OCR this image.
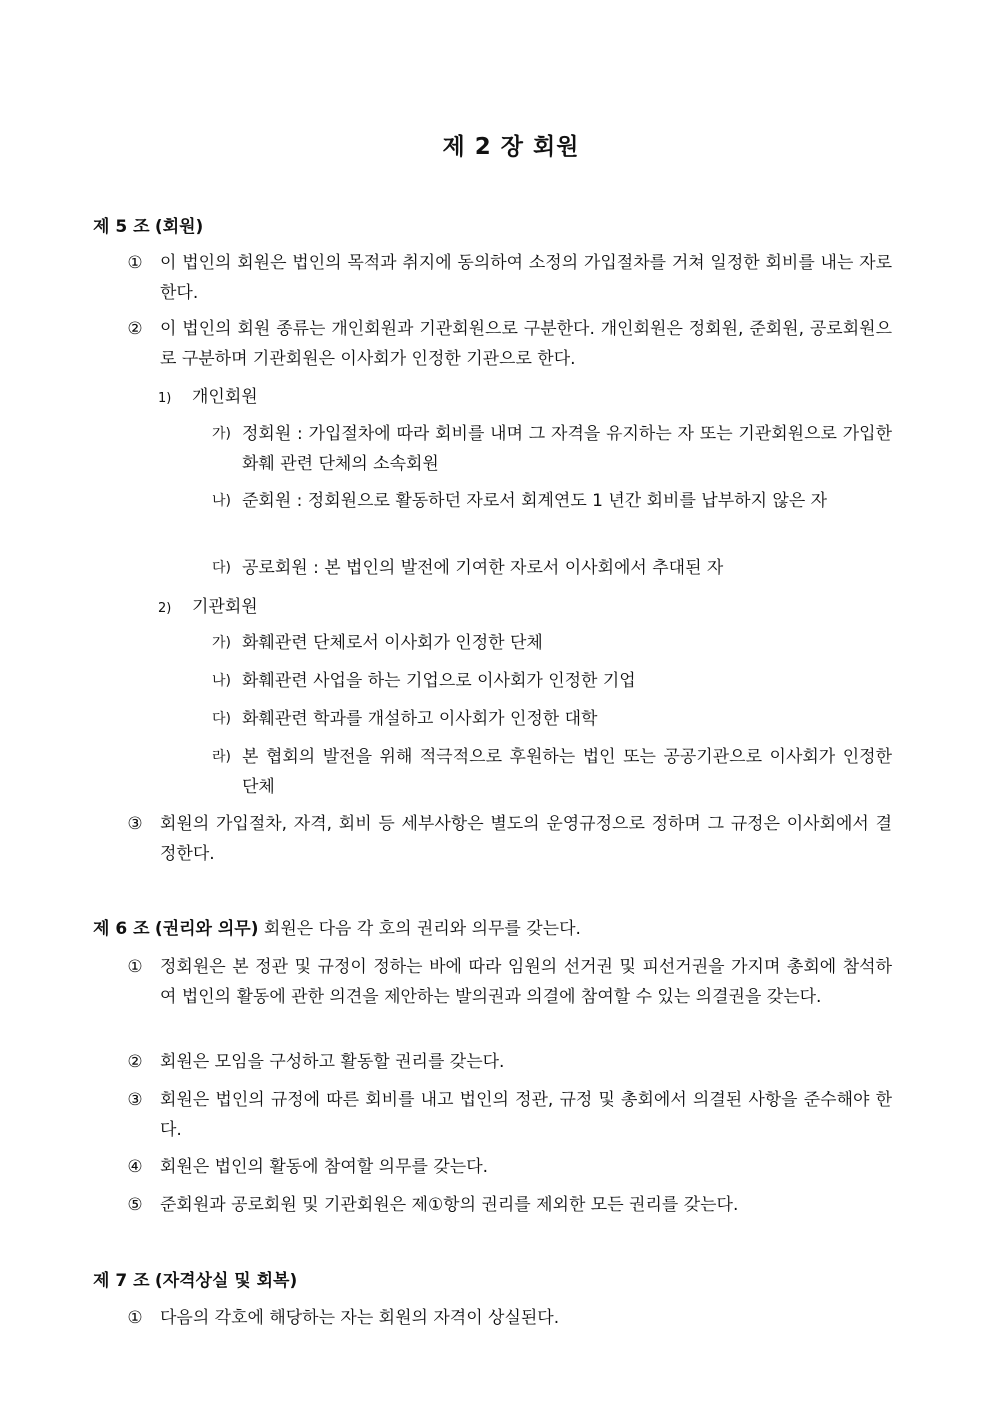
제 2 장 회원
제 5 조 (회원)
① 이 법인의 회원은 법인의 목적과 취지에 동의하여 소정의 가입절차를 거쳐 일정한 회비를 내는 자로 한다.
② 이 법인의 회원 종류는 개인회원과 기관회원으로 구분한다. 개인회원은 정회원, 준회원, 공로회원으로 구분하며 기관회원은 이사회가 인정한 기관으로 한다.
1) 개인회원
가) 정회원 : 가입절차에 따라 회비를 내며 그 자격을 유지하는 자 또는 기관회원으로 가입한 화훼 관련 단체의 소속회원
나) 준회원 : 정회원으로 활동하던 자로서 회계연도 1 년간 회비를 납부하지 않은 자
다) 공로회원 : 본 법인의 발전에 기여한 자로서 이사회에서 추대된 자
2) 기관회원
가) 화훼관련 단체로서 이사회가 인정한 단체
나) 화훼관련 사업을 하는 기업으로 이사회가 인정한 기업
다) 화훼관련 학과를 개설하고 이사회가 인정한 대학
라) 본 협회의 발전을 위해 적극적으로 후원하는 법인 또는 공공기관으로 이사회가 인정한 단체
③ 회원의 가입절차, 자격, 회비 등 세부사항은 별도의 운영규정으로 정하며 그 규정은 이사회에서 결정한다.
제 6 조 (권리와 의무) 회원은 다음 각 호의 권리와 의무를 갖는다.
① 정회원은 본 정관 및 규정이 정하는 바에 따라 임원의 선거권 및 피선거권을 가지며 총회에 참석하여 법인의 활동에 관한 의견을 제안하는 발의권과 의결에 참여할 수 있는 의결권을 갖는다.
② 회원은 모임을 구성하고 활동할 권리를 갖는다.
③ 회원은 법인의 규정에 따른 회비를 내고 법인의 정관, 규정 및 총회에서 의결된 사항을 준수해야 한다.
④ 회원은 법인의 활동에 참여할 의무를 갖는다.
⑤ 준회원과 공로회원 및 기관회원은 제①항의 권리를 제외한 모든 권리를 갖는다.
제 7 조 (자격상실 및 회복)
① 다음의 각호에 해당하는 자는 회원의 자격이 상실된다.
